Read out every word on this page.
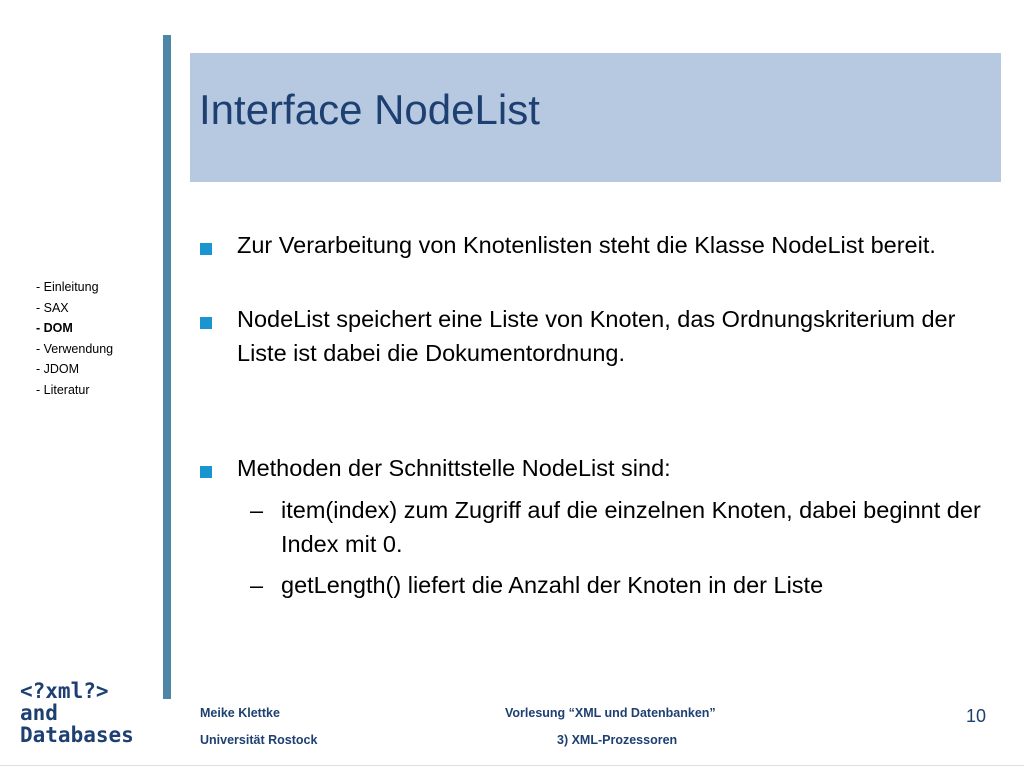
Interface NodeList
- Einleitung
- SAX
- DOM
- Verwendung
- JDOM
- Literatur
Zur Verarbeitung von Knotenlisten steht die Klasse NodeList bereit.
NodeList speichert eine Liste von Knoten, das Ordnungskriterium der Liste ist dabei die Dokumentordnung.
Methoden der Schnittstelle NodeList sind:
– item(index) zum Zugriff auf die einzelnen Knoten, dabei beginnt der Index mit 0.
– getLength() liefert die Anzahl der Knoten in der Liste
Meike Klettke
Universität Rostock
Vorlesung “XML und Datenbanken”
3) XML-Prozessoren
10
<?xml?>
and
Databases
